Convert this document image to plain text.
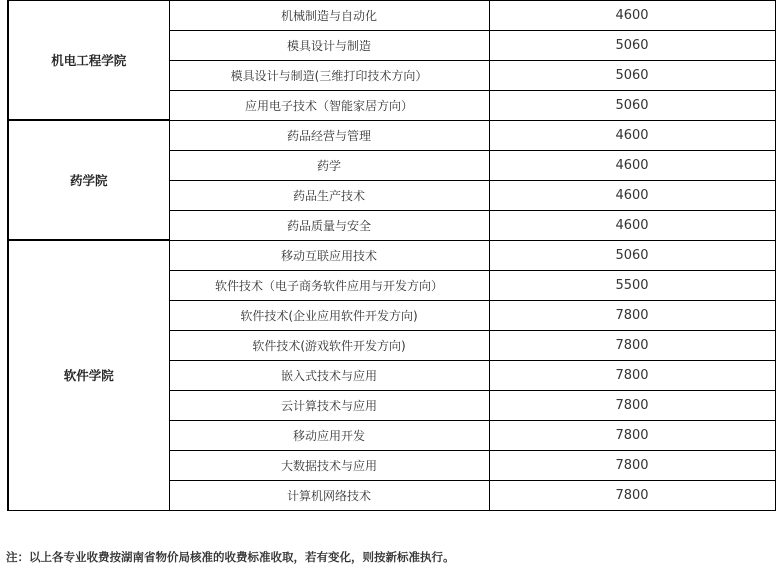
机电工程学院	机械制造与自动化	4600
	模具设计与制造	5060
	模具设计与制造(三维打印技术方向）	5060
	应用电子技术（智能家居方向）	5060
药学院	药品经营与管理	4600
	药学	4600
	药品生产技术	4600
	药品质量与安全	4600
软件学院	移动互联应用技术	5060
	软件技术（电子商务软件应用与开发方向）	5500
	软件技术(企业应用软件开发方向)	7800
	软件技术(游戏软件开发方向)	7800
	嵌入式技术与应用	7800
	云计算技术与应用	7800
	移动应用开发	7800
	大数据技术与应用	7800
	计算机网络技术	7800
注：以上各专业收费按湖南省物价局核准的收费标准收取，若有变化，则按新标准执行。
